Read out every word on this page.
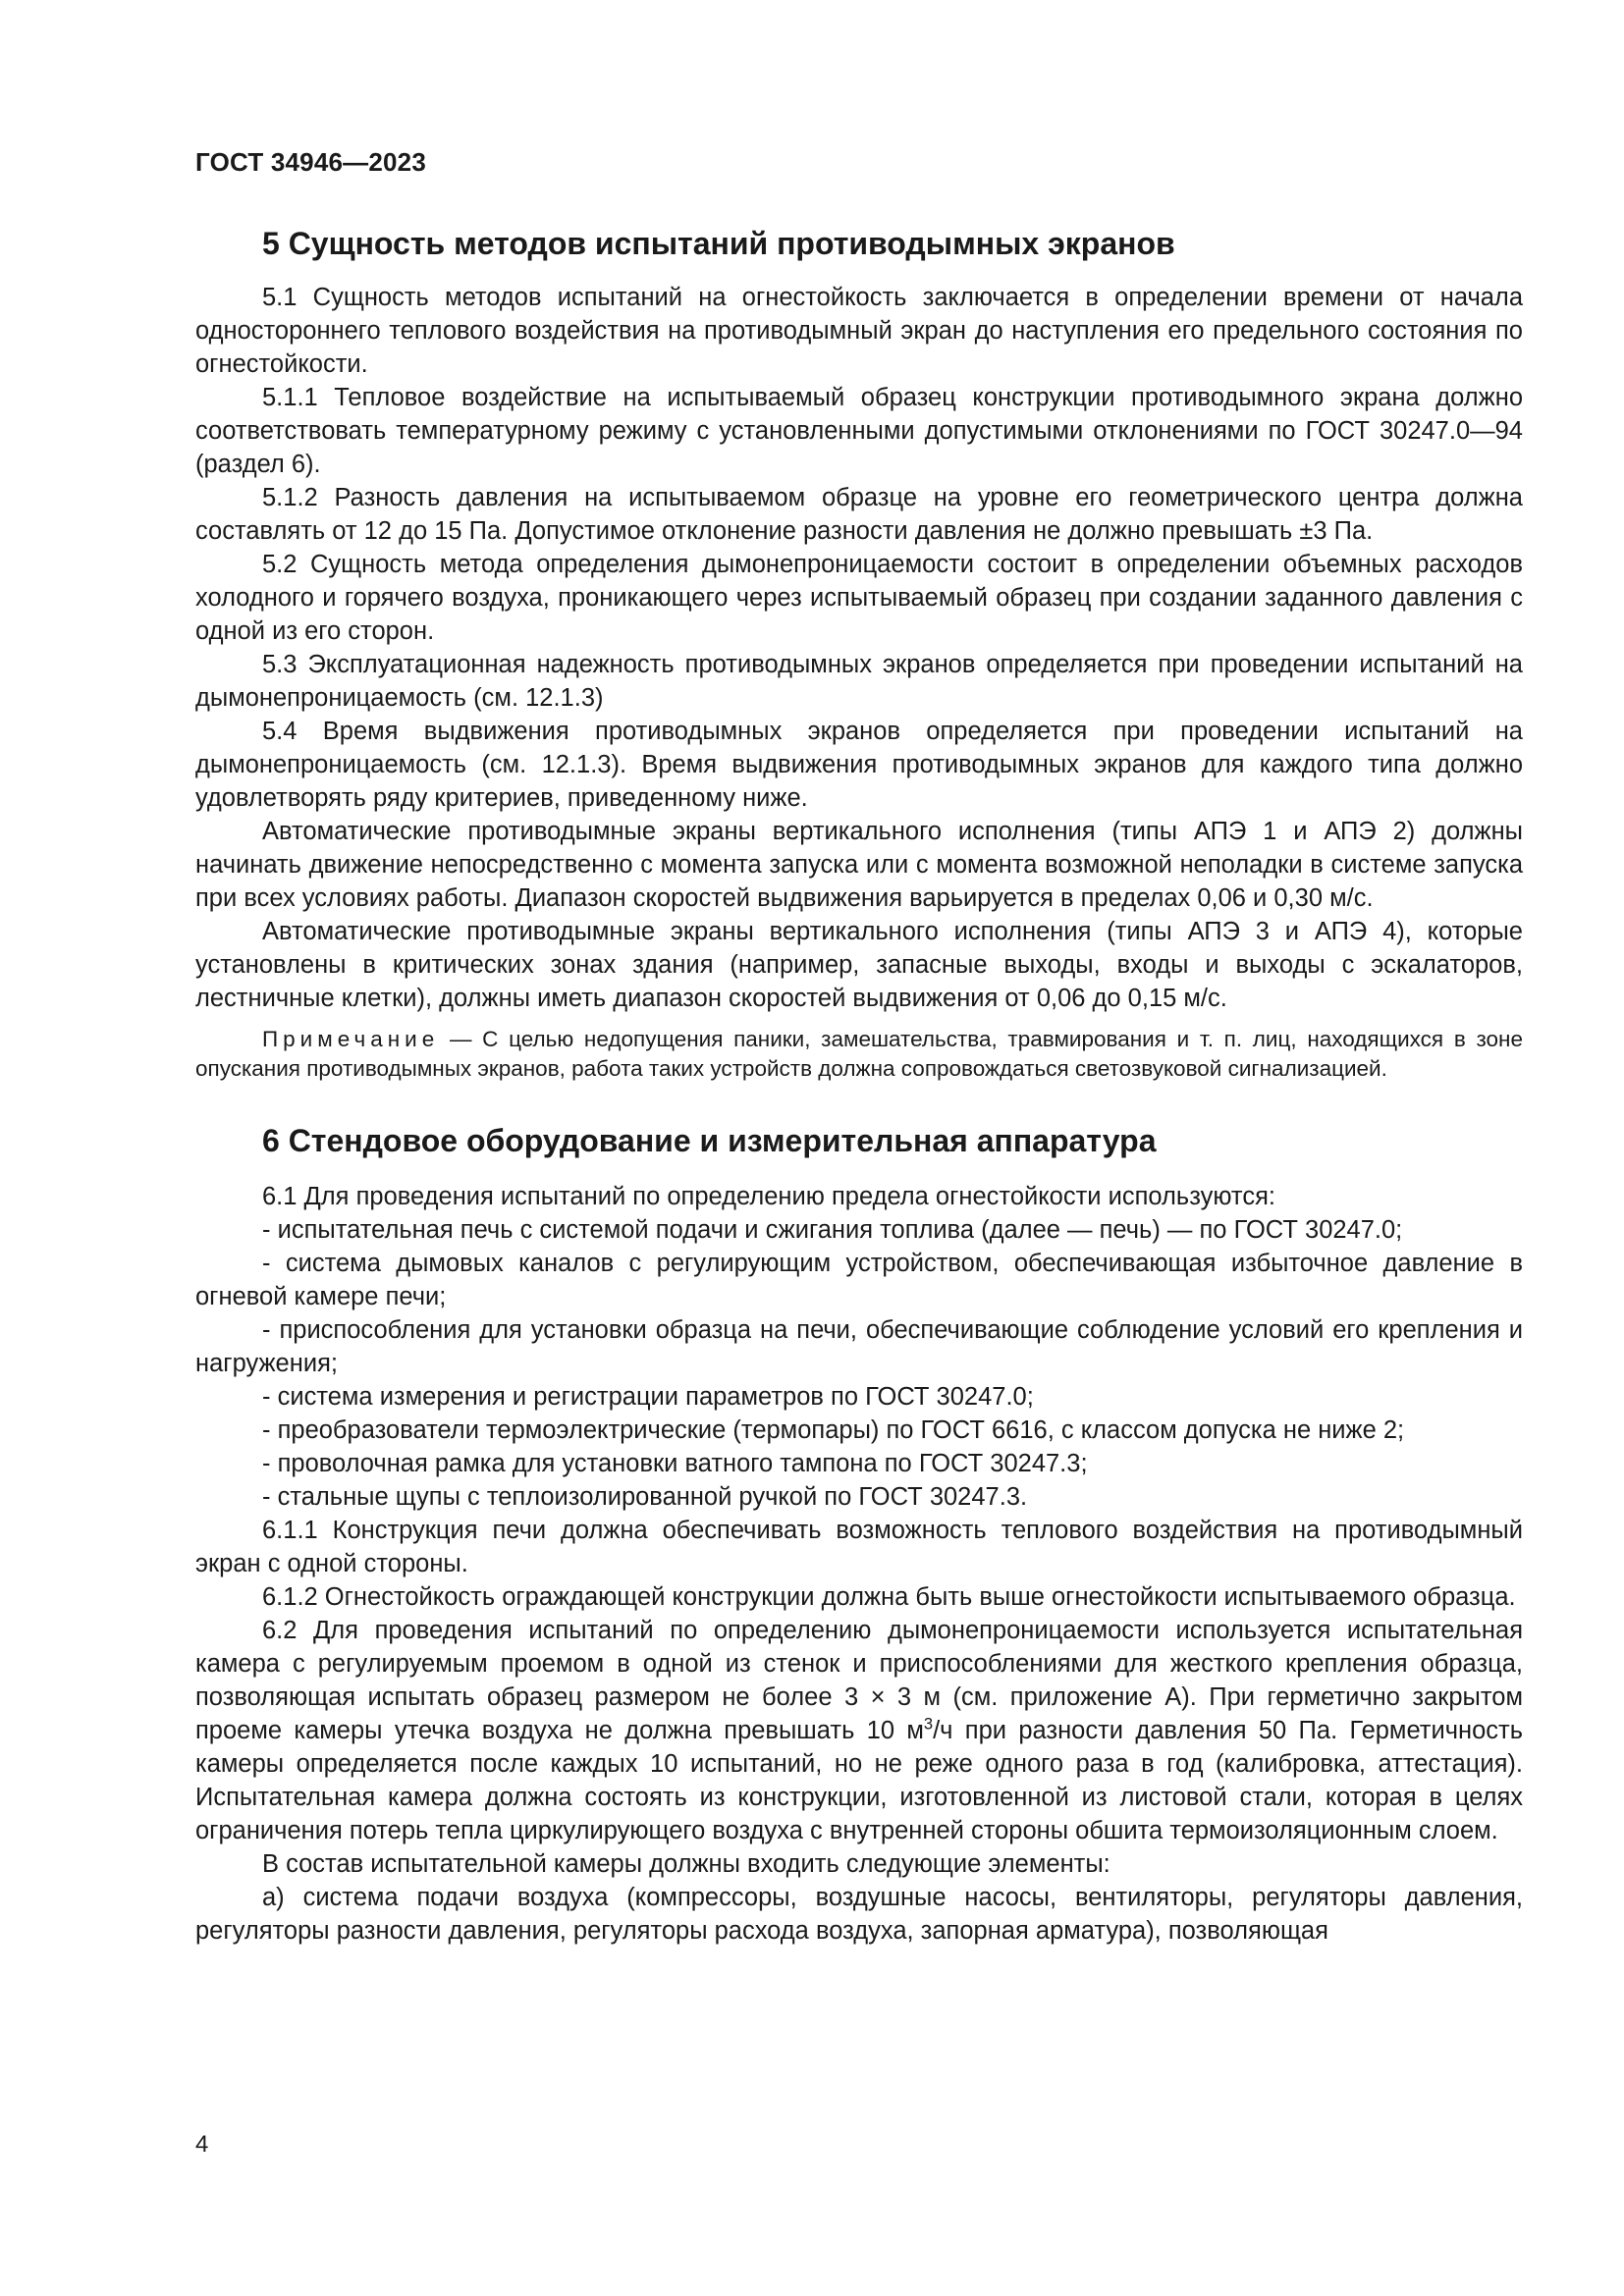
ГОСТ 34946—2023
5 Сущность методов испытаний противодымных экранов

5.1 Сущность методов испытаний на огнестойкость заключается в определении времени от начала одностороннего теплового воздействия на противодымный экран до наступления его предельного состояния по огнестойкости.

5.1.1 Тепловое воздействие на испытываемый образец конструкции противодымного экрана должно соответствовать температурному режиму с установленными допустимыми отклонениями по ГОСТ 30247.0—94 (раздел 6).

5.1.2 Разность давления на испытываемом образце на уровне его геометрического центра должна составлять от 12 до 15 Па. Допустимое отклонение разности давления не должно превышать ±3 Па.

5.2 Сущность метода определения дымонепроницаемости состоит в определении объемных расходов холодного и горячего воздуха, проникающего через испытываемый образец при создании заданного давления с одной из его сторон.

5.3 Эксплуатационная надежность противодымных экранов определяется при проведении испытаний на дымонепроницаемость (см. 12.1.3)

5.4 Время выдвижения противодымных экранов определяется при проведении испытаний на дымонепроницаемость (см. 12.1.3). Время выдвижения противодымных экранов для каждого типа должно удовлетворять ряду критериев, приведенному ниже.

Автоматические противодымные экраны вертикального исполнения (типы АПЭ 1 и АПЭ 2) должны начинать движение непосредственно с момента запуска или с момента возможной неполадки в системе запуска при всех условиях работы. Диапазон скоростей выдвижения варьируется в пределах 0,06 и 0,30 м/с.

Автоматические противодымные экраны вертикального исполнения (типы АПЭ 3 и АПЭ 4), которые установлены в критических зонах здания (например, запасные выходы, входы и выходы с эскалаторов, лестничные клетки), должны иметь диапазон скоростей выдвижения от 0,06 до 0,15 м/с.

Примечание — С целью недопущения паники, замешательства, травмирования и т. п. лиц, находящихся в зоне опускания противодымных экранов, работа таких устройств должна сопровождаться светозвуковой сигнализацией.
6 Стендовое оборудование и измерительная аппаратура

6.1 Для проведения испытаний по определению предела огнестойкости используются:

- испытательная печь с системой подачи и сжигания топлива (далее — печь) — по ГОСТ 30247.0;

- система дымовых каналов с регулирующим устройством, обеспечивающая избыточное давление в огневой камере печи;

- приспособления для установки образца на печи, обеспечивающие соблюдение условий его крепления и нагружения;

- система измерения и регистрации параметров по ГОСТ 30247.0;

- преобразователи термоэлектрические (термопары) по ГОСТ 6616, с классом допуска не ниже 2;

- проволочная рамка для установки ватного тампона по ГОСТ 30247.3;

- стальные щупы с теплоизолированной ручкой по ГОСТ 30247.3.

6.1.1 Конструкция печи должна обеспечивать возможность теплового воздействия на противодымный экран с одной стороны.

6.1.2 Огнестойкость ограждающей конструкции должна быть выше огнестойкости испытываемого образца.

6.2 Для проведения испытаний по определению дымонепроницаемости используется испытательная камера с регулируемым проемом в одной из стенок и приспособлениями для жесткого крепления образца, позволяющая испытать образец размером не более 3 × 3 м (см. приложение А). При герметично закрытом проеме камеры утечка воздуха не должна превышать 10 $м^3/ч$ при разности давления 50 Па. Герметичность камеры определяется после каждых 10 испытаний, но не реже одного раза в год (калибровка, аттестация). Испытательная камера должна состоять из конструкции, изготовленной из листовой стали, которая в целях ограничения потерь тепла циркулирующего воздуха с внутренней стороны обшита термоизоляционным слоем.

В состав испытательной камеры должны входить следующие элементы:

а) система подачи воздуха (компрессоры, воздушные насосы, вентиляторы, регуляторы давления, регуляторы разности давления, регуляторы расхода воздуха, запорная арматура), позволяющая

4
